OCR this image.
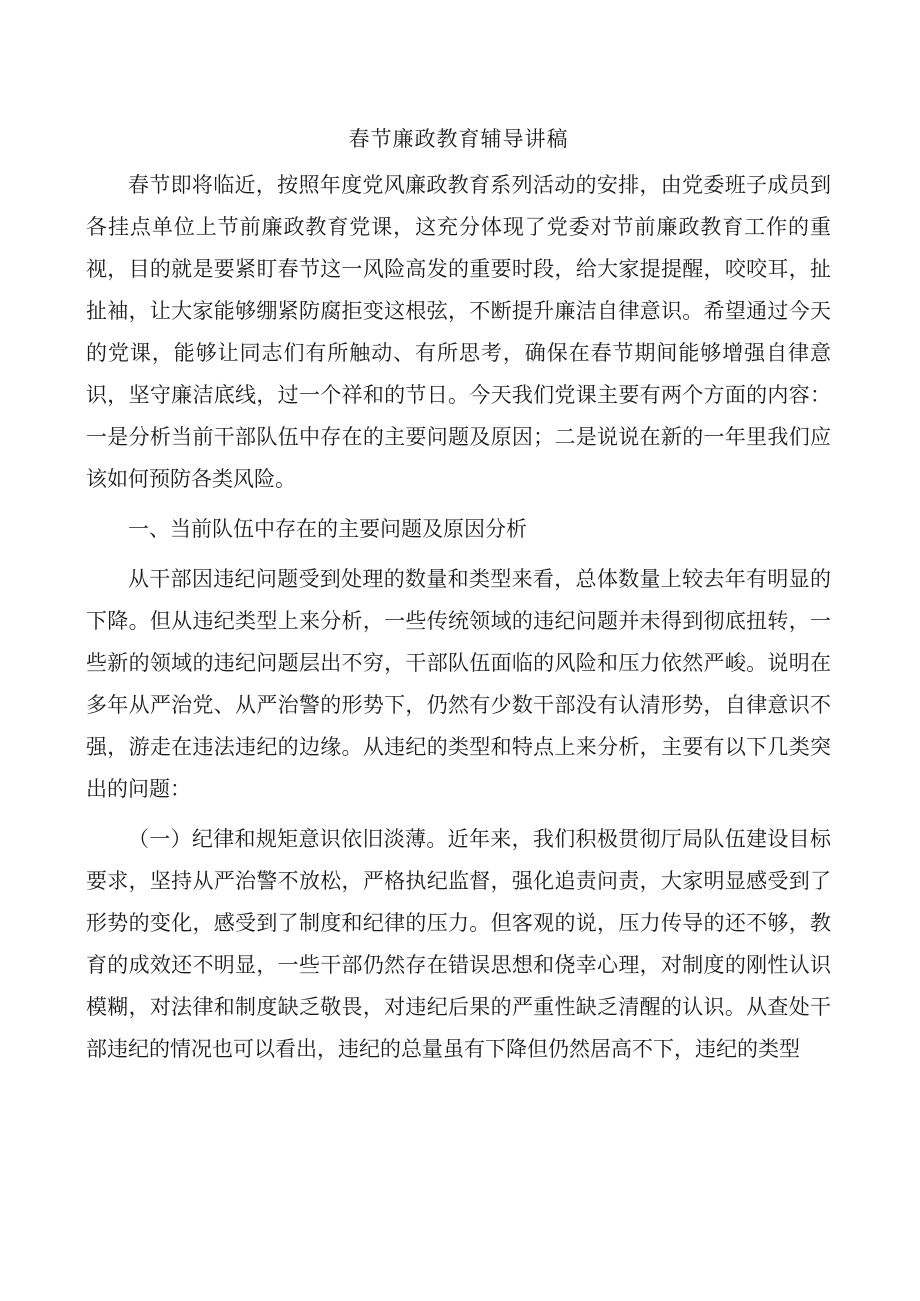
春节廉政教育辅导讲稿

春节即将临近，按照年度党风廉政教育系列活动的安排，由党委班子成员到各挂点单位上节前廉政教育党课，这充分体现了党委对节前廉政教育工作的重视，目的就是要紧盯春节这一风险高发的重要时段，给大家提提醒，咬咬耳，扯扯袖，让大家能够绷紧防腐拒变这根弦，不断提升廉洁自律意识。希望通过今天的党课，能够让同志们有所触动、有所思考，确保在春节期间能够增强自律意识，坚守廉洁底线，过一个祥和的节日。今天我们党课主要有两个方面的内容：一是分析当前干部队伍中存在的主要问题及原因；二是说说在新的一年里我们应该如何预防各类风险。

一、当前队伍中存在的主要问题及原因分析

从干部因违纪问题受到处理的数量和类型来看，总体数量上较去年有明显的下降。但从违纪类型上来分析，一些传统领域的违纪问题并未得到彻底扭转，一些新的领域的违纪问题层出不穷，干部队伍面临的风险和压力依然严峻。说明在多年从严治党、从严治警的形势下，仍然有少数干部没有认清形势，自律意识不强，游走在违法违纪的边缘。从违纪的类型和特点上来分析，主要有以下几类突出的问题：

（一）纪律和规矩意识依旧淡薄。近年来，我们积极贯彻厅局队伍建设目标要求，坚持从严治警不放松，严格执纪监督，强化追责问责，大家明显感受到了形势的变化，感受到了制度和纪律的压力。但客观的说，压力传导的还不够，教育的成效还不明显，一些干部仍然存在错误思想和侥幸心理，对制度的刚性认识模糊，对法律和制度缺乏敬畏，对违纪后果的严重性缺乏清醒的认识。从查处干部违纪的情况也可以看出，违纪的总量虽有下降但仍然居高不下，违纪的类型
